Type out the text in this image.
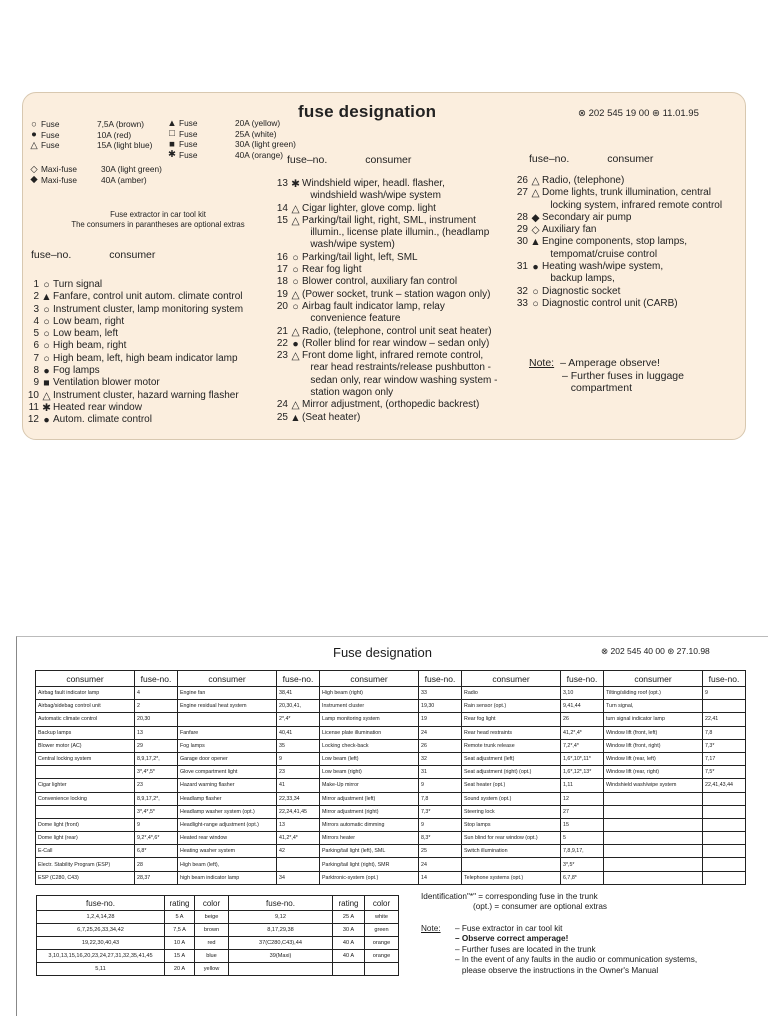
fuse designation	⊗ 202 545 19 00 ⊛ 11.01.95
○ Fuse	7,5A (brown)
● Fuse	10A (red)
△ Fuse	15A (light blue)
▲ Fuse	20A (yellow)
□ Fuse	25A (white)
■ Fuse	30A (light green)
✱ Fuse	40A (orange)
◇ Maxi-fuse	30A (light green)
◆ Maxi-fuse	40A (amber)
Fuse extractor in car tool kit
The consumers in parantheses are optional extras
fuse–no.	consumer
fuse–no.	consumer	fuse–no.	consumer
1 ○ Turn signal
2 ▲ Fanfare, control unit autom. climate control
3 ○ Instrument cluster, lamp monitoring system
4 ○ Low beam, right
5 ○ Low beam, left
6 ○ High beam, right
7 ○ High beam, left, high beam indicator lamp
8 ● Fog lamps
9 ■ Ventilation blower motor
10 △ Instrument cluster, hazard warning flasher
11 ✱ Heated rear window
12 ● Autom. climate control
13 ✱ Windshield wiper, headl. flasher,
windshield wash/wipe system
14 △ Cigar lighter, glove comp. light
15 △ Parking/tail light, right, SML, instrument
illumin., license plate illumin., (headlamp
wash/wipe system)
16 ○ Parking/tail light, left, SML
17 ○ Rear fog light
18 ○ Blower control, auxiliary fan control
19 △ (Power socket, trunk – station wagon only)
20 ○ Airbag fault indicator lamp, relay
convenience feature
21 △ Radio, (telephone, control unit seat heater)
22 ● (Roller blind for rear window – sedan only)
23 △ Front dome light, infrared remote control,
rear head restraints/release pushbutton -
sedan only, rear window washing system -
station wagon only
24 △ Mirror adjustment, (orthopedic backrest)
25 ▲ (Seat heater)
26 △ Radio, (telephone)
27 △ Dome lights, trunk illumination, central
locking system, infrared remote control
28 ◆ Secondary air pump
29 ◇ Auxiliary fan
30 ▲ Engine components, stop lamps,
tempomat/cruise control
31 ● Heating wash/wipe system,
backup lamps,
32 ○ Diagnostic socket
33 ○ Diagnostic control unit (CARB)
Note: – Amperage observe!
– Further fuses in luggage
compartment
Fuse designation	⊗ 202 545 40 00 ⊛ 27.10.98
consumer	fuse-no.	consumer	fuse-no.	consumer	fuse-no.	consumer	fuse-no.	consumer	fuse-no.
Airbag fault indicator lamp	4	Engine fan	38,41	High beam (right)	33	Radio	3,10	Tilting/sliding roof (opt.)	9
Airbag/sidebag control unit	2	Engine residual heat system	20,30,41,	Instrument cluster	19,30	Rain sensor (opt.)	9,41,44	Turn signal,	
Automatic climate control	20,30		2*,4*	Lamp monitoring system	19	Rear fog light	26	turn signal indicator lamp	22,41
Backup lamps	13	Fanfare	40,41	License plate illumination	24	Rear head restraints	41,2*,4*	Window lift (front, left)	7,8
Blower motor (AC)	29	Fog lamps	35	Locking check-back	26	Remote trunk release	7,2*,4*	Window lift (front, right)	7,3*
Central locking system	8,9,17,2*,	Garage door opener	9	Low beam (left)	32	Seat adjustment (left)	1,6*,10*,11*	Window lift (rear, left)	7,17
	3*,4*,5*	Glove compartment light	23	Low beam (right)	31	Seat adjustment (right) (opt.)	1,6*,12*,13*	Window lift (rear, right)	7,5*
Cigar lighter	23	Hazard warning flasher	41	Make-Up mirror	9	Seat heater (opt.)	1,11	Windshield wash/wipe system	22,41,43,44
Convenience locking	8,9,17,2*,	Headlamp flasher	22,33,34	Mirror adjustment (left)	7,8	Sound system (opt.)	12		
	3*,4*,5*	Headlamp washer system (opt.)	22,24,41,45	Mirror adjustment (right)	7,3*	Steering lock	27		
Dome light (front)	9	Headlight-range adjustment (opt.)	13	Mirrors automatic dimming	9	Stop lamps	15		
Dome light (rear)	9,2*,4*,6*	Heated rear window	41,2*,4*	Mirrors heater	8,3*	Sun blind for rear window (opt.)	5		
E-Call	6,8*	Heating washer system	42	Parking/tail light (left), SML	25	Switch illumination	7,8,9,17,		
Electr. Stability Program (ESP)	28	High beam (left),		Parking/tail light (right), SMR	24		3*,5*		
ESP (C280, C43)	28,37	high beam indicator lamp	34	Parktronic-system (opt.)	14	Telephone systems (opt.)	6,7,8*		
fuse-no.	rating	color	fuse-no.	rating	color
1,2,4,14,28	5 A	beige	9,12	25 A	white
6,7,25,26,33,34,42	7,5 A	brown	8,17,29,38	30 A	green
19,22,30,40,43	10 A	red	37(C280,C43),44	40 A	orange
3,10,13,15,16,20,23,24,27,31,32,35,41,45	15 A	blue	39(Maxi)	40 A	orange
5,11	20 A	yellow			
Identification"*" = corresponding fuse in the trunk
(opt.) = consumer are optional extras
Note:	– Fuse extractor in car tool kit
– Observe correct amperage!
– Further fuses are located in the trunk
– In the event of any faults in the audio or communication systems,
please observe the instructions in the Owner's Manual
